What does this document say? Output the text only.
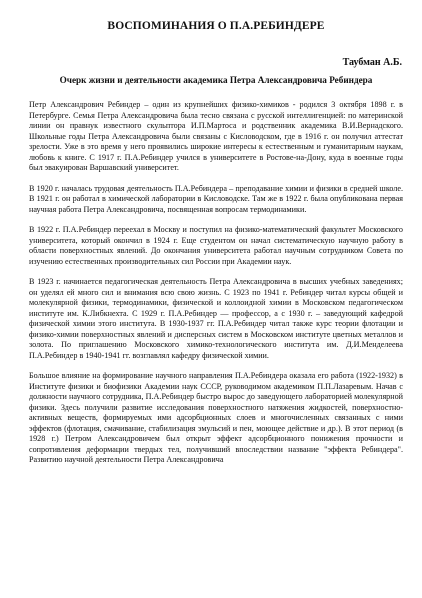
ВОСПОМИНАНИЯ О П.А.РЕБИНДЕРЕ
Таубман А.Б.
Очерк жизни и деятельности академика Петра Александровича Ребиндера

Петр Александрович Ребиндер – один из крупнейших физико-химиков - родился 3 октября 1898 г. в Петербурге. Семья Петра Александровича была тесно связана с русской интеллигенцией: по материнской линии он правнук известного скульптора И.П.Мартоса и родственник академика В.И.Вернадского. Школьные годы Петра Александровича были связаны с Кисловодском, где в 1916 г. он получил аттестат зрелости. Уже в это время у него проявились широкие интересы к естественным и гуманитарным наукам, любовь к книге. С 1917 г. П.А.Ребиндер учился в университете в Ростове-на-Дону, куда в военные годы был эвакуирован Варшавский университет.

В 1920 г. началась трудовая деятельность П.А.Ребиндера – преподавание химии и физики в средней школе. В 1921 г. он работал в химической лаборатории в Кисловодске. Там же в 1922 г. была опубликована первая научная работа Петра Александровича, посвященная вопросам термодинамики.

В 1922 г. П.А.Ребиндер переехал в Москву и поступил на физико-математический факультет Московского университета, который окончил в 1924 г. Еще студентом он начал систематическую научную работу в области поверхностных явлений. До окончания университета работал научным сотрудником Совета по изучению естественных производительных сил России при Академии наук.

В 1923 г. начинается педагогическая деятельность Петра Александровича в высших учебных заведениях; он уделял ей много сил и внимания всю свою жизнь. С 1923 по 1941 г. Ребиндер читал курсы общей и молекулярной физики, термодинамики, физической и коллоидной химии в Московском педагогическом институте им. К.Либкнехта. С 1929 г. П.А.Ребиндер — профессор, а с 1930 г. – заведующий кафедрой физической химии этого института. В 1930-1937 гг. П.А.Ребиндер читал также курс теории флотации и физико-химии поверхностных явлений и дисперсных систем в Московском институте цветных металлов и золота. По приглашению Московского химико-технологического института им. Д.И.Менделеева П.А.Ребиндер в 1940-1941 гг. возглавлял кафедру физической химии.

Большое влияние на формирование научного направления П.А.Ребиндера оказала его работа (1922-1932) в Институте физики и биофизики Академии наук СССР, руководимом академиком П.П.Лазаревым. Начав с должности научного сотрудника, П.А.Ребиндер быстро вырос до заведующего лабораторией молекулярной физики. Здесь получили развитие исследования поверхностного натяжения жидкостей, поверхностно-активных веществ, формируемых ими адсорбционных слоев и многочисленных связанных с ними эффектов (флотация, смачивание, стабилизация эмульсий и пен, моющее действие и др.). В этот период (в 1928 г.) Петром Александровичем был открыт эффект адсорбционного понижения прочности и сопротивления деформации твердых тел, получивший впоследствии название "эффекта Ребиндера". Развитию научной деятельности Петра Александровича
